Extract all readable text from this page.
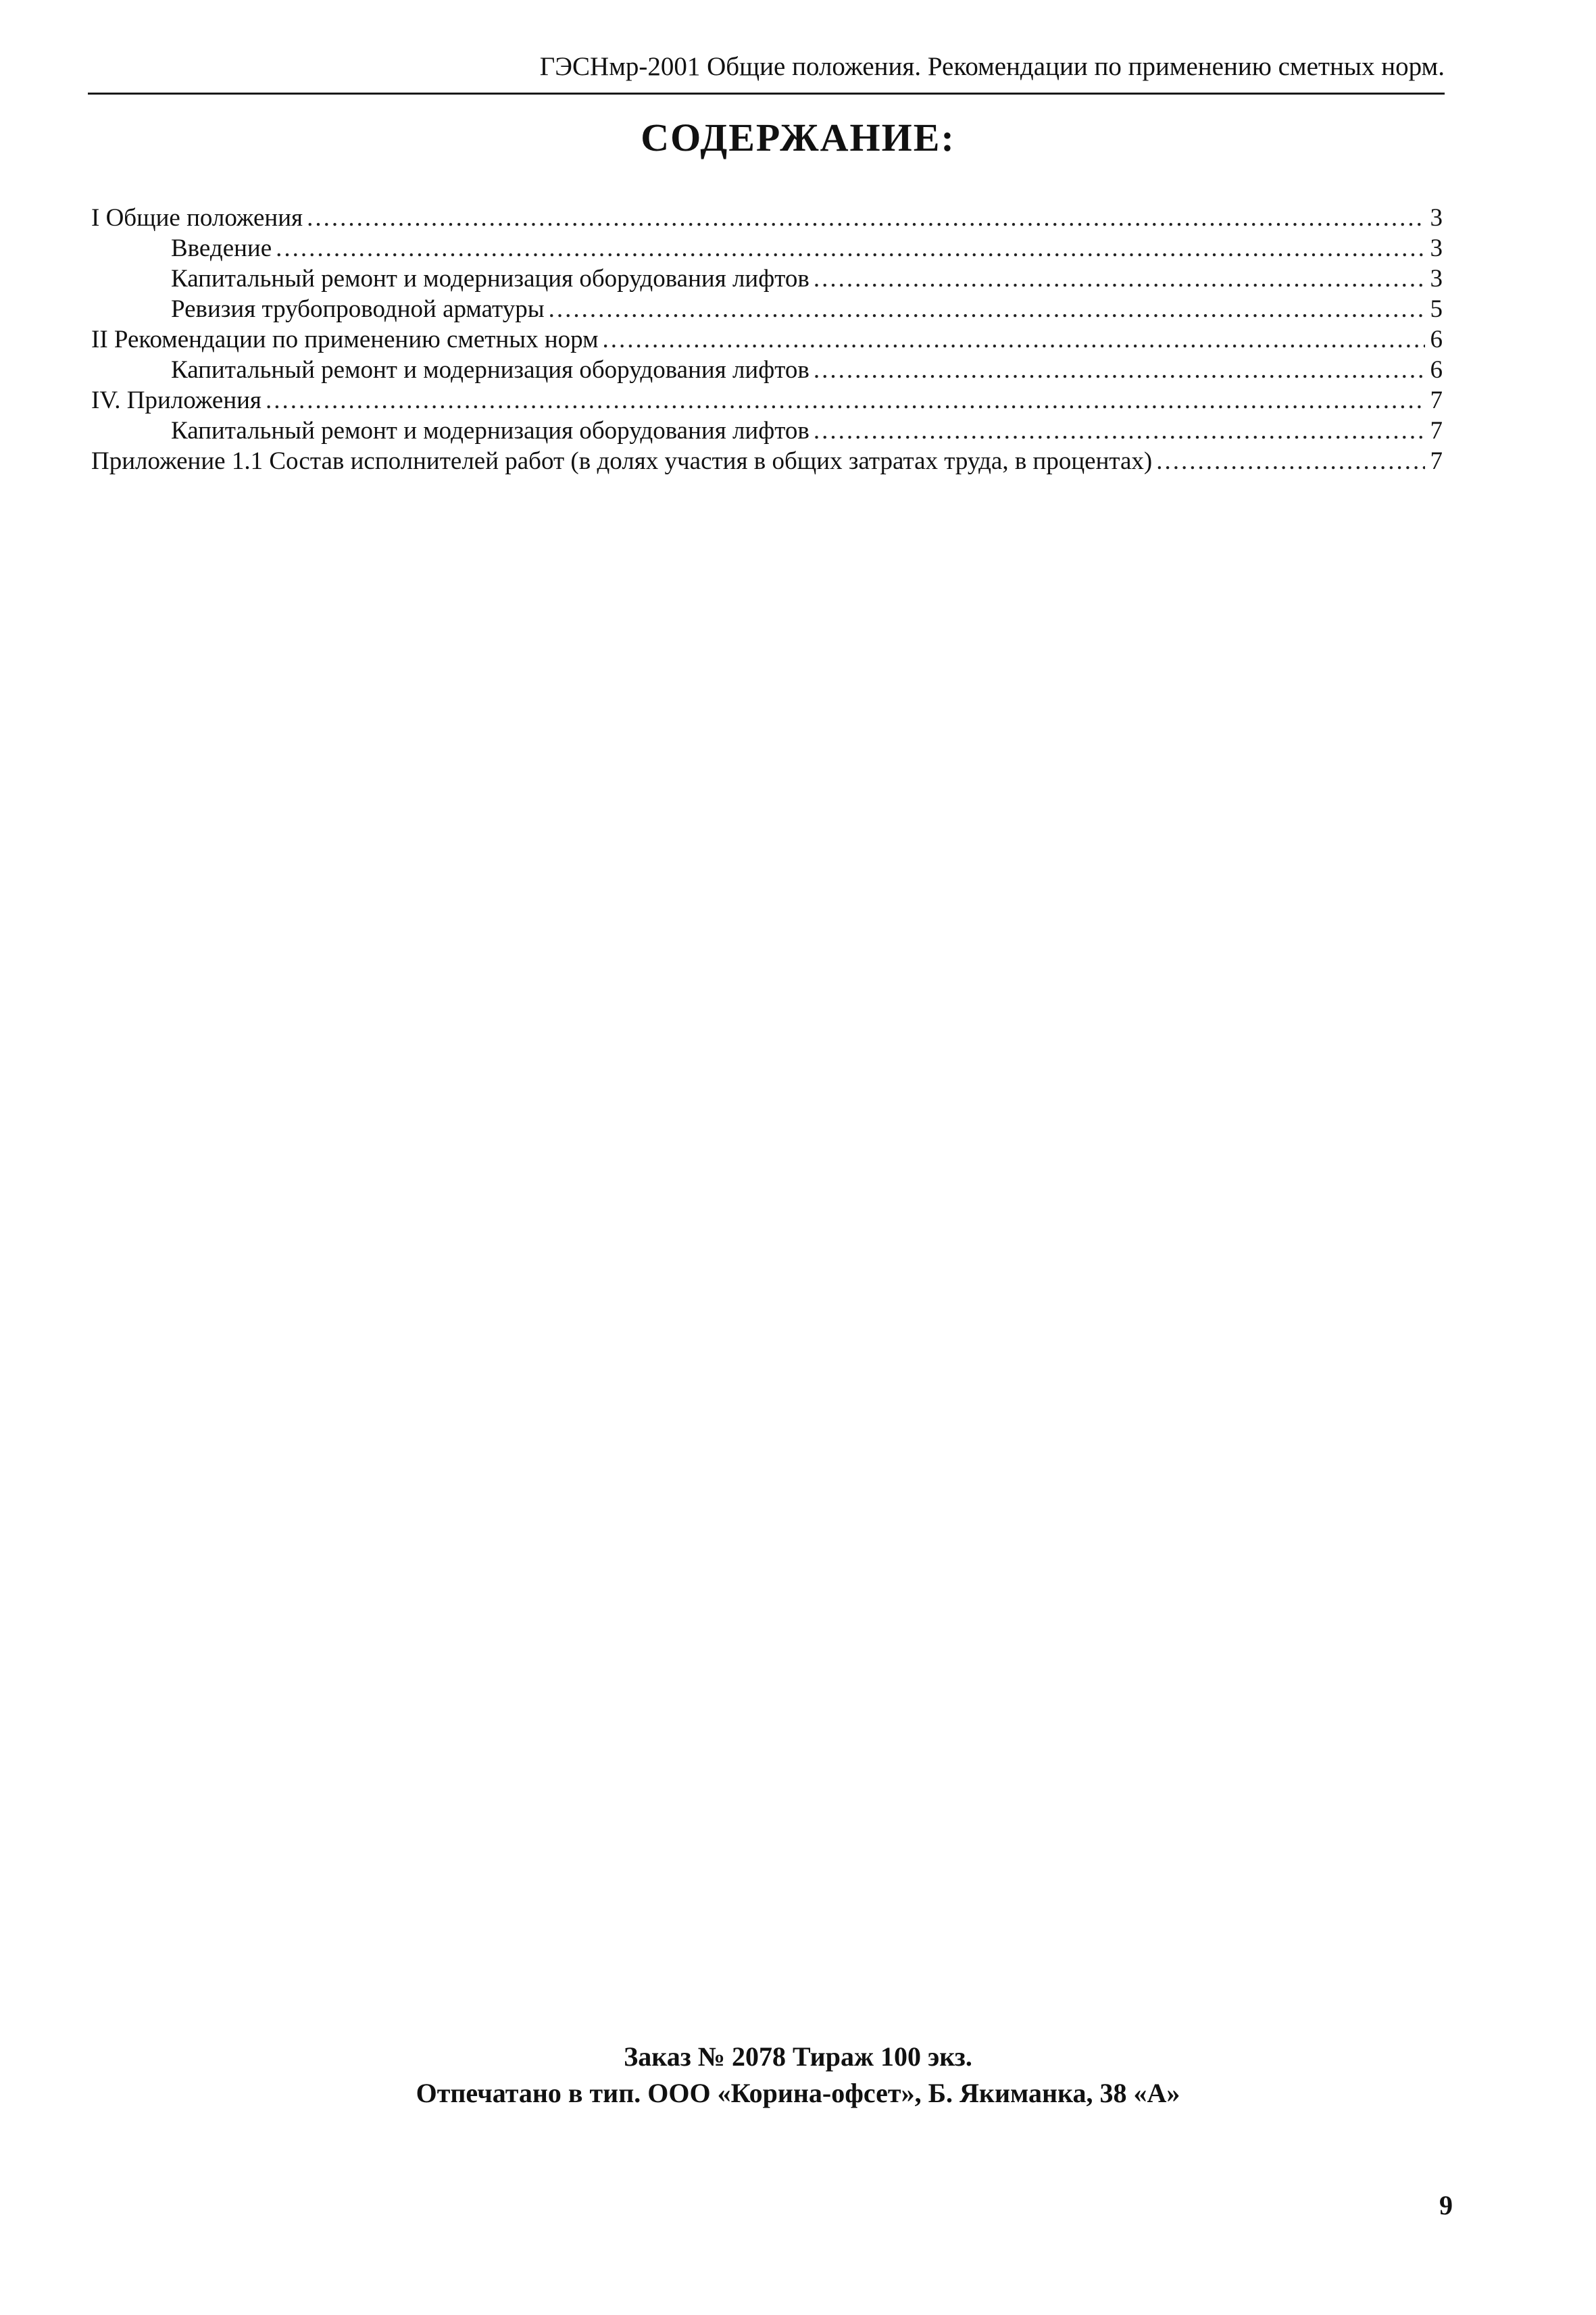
ГЭСНмр-2001 Общие положения. Рекомендации по применению сметных норм.
СОДЕРЖАНИЕ:
I Общие положения .....	3
Введение .....	3
Капитальный ремонт и модернизация оборудования лифтов .....	3
Ревизия трубопроводной арматуры .....	5
II Рекомендации по применению сметных норм .....	6
Капитальный ремонт и модернизация оборудования лифтов .....	6
IV. Приложения .....	7
Капитальный ремонт и модернизация оборудования лифтов .....	7
Приложение 1.1 Состав исполнителей работ (в долях участия в общих затратах труда, в процентах) .....	7
Заказ № 2078 Тираж 100 экз.
Отпечатано в тип. ООО «Корина-офсет», Б. Якиманка, 38 «А»
9
